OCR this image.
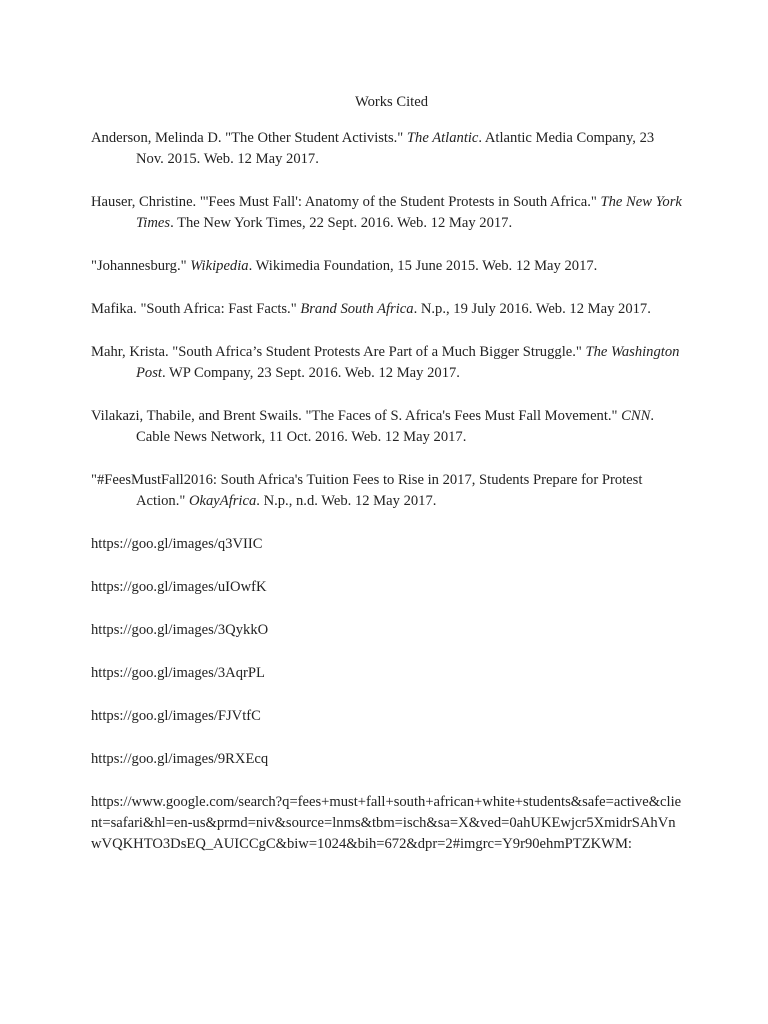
Works Cited
Anderson, Melinda D. "The Other Student Activists." The Atlantic. Atlantic Media Company, 23 Nov. 2015. Web. 12 May 2017.
Hauser, Christine. "'Fees Must Fall': Anatomy of the Student Protests in South Africa." The New York Times. The New York Times, 22 Sept. 2016. Web. 12 May 2017.
"Johannesburg." Wikipedia. Wikimedia Foundation, 15 June 2015. Web. 12 May 2017.
Mafika. "South Africa: Fast Facts." Brand South Africa. N.p., 19 July 2016. Web. 12 May 2017.
Mahr, Krista. "South Africa’s Student Protests Are Part of a Much Bigger Struggle." The Washington Post. WP Company, 23 Sept. 2016. Web. 12 May 2017.
Vilakazi, Thabile, and Brent Swails. "The Faces of S. Africa's Fees Must Fall Movement." CNN. Cable News Network, 11 Oct. 2016. Web. 12 May 2017.
"#FeesMustFall2016: South Africa's Tuition Fees to Rise in 2017, Students Prepare for Protest Action." OkayAfrica. N.p., n.d. Web. 12 May 2017.
https://goo.gl/images/q3VIIC
https://goo.gl/images/uIOwfK
https://goo.gl/images/3QykkO
https://goo.gl/images/3AqrPL
https://goo.gl/images/FJVtfC
https://goo.gl/images/9RXEcq
https://www.google.com/search?q=fees+must+fall+south+african+white+students&safe=active&client=safari&hl=en-us&prmd=niv&source=lnms&tbm=isch&sa=X&ved=0ahUKEwjcr5XmidrSAhVnwVQKHTO3DsEQ_AUICCgC&biw=1024&bih=672&dpr=2#imgrc=Y9r90ehmPTZKWM:
